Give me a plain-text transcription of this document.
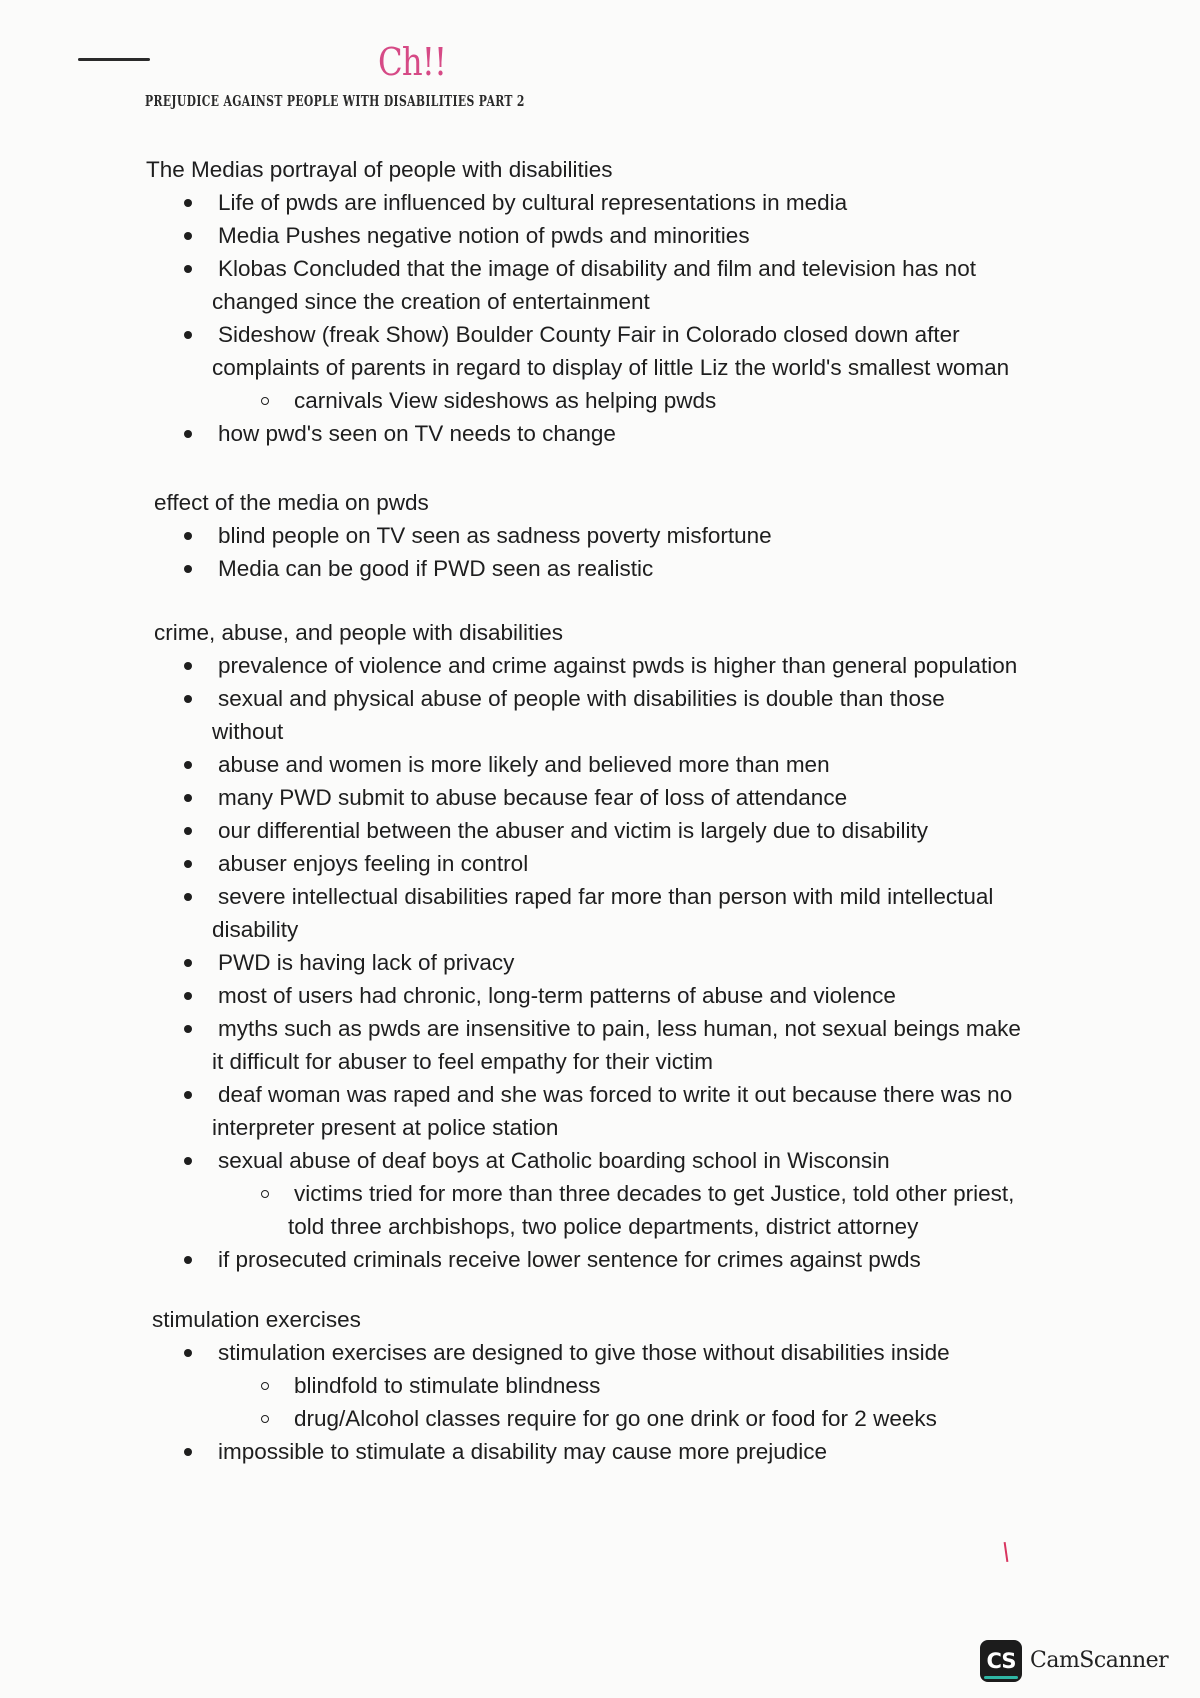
Ch!!
PREJUDICE AGAINST PEOPLE WITH DISABILITIES PART 2
The Medias portrayal of people with disabilities
Life of pwds are influenced by cultural representations in media
Media Pushes negative notion of pwds and minorities
Klobas Concluded that the image of disability and film and television has not
changed since the creation of entertainment
Sideshow (freak Show) Boulder County Fair in Colorado closed down after
complaints of parents in regard to display of little Liz the world's smallest woman
carnivals View sideshows as helping pwds
how pwd's seen on TV needs to change
effect of the media on pwds
blind people on TV seen as sadness poverty misfortune
Media can be good if PWD seen as realistic
crime, abuse, and people with disabilities
prevalence of violence and crime against pwds is higher than general population
sexual and physical abuse of people with disabilities is double than those
without
abuse and women is more likely and believed more than men
many PWD submit to abuse because fear of loss of attendance
our differential between the abuser and victim is largely due to disability
abuser enjoys feeling in control
severe intellectual disabilities raped far more than person with mild intellectual
disability
PWD is having lack of privacy
most of users had chronic, long-term patterns of abuse and violence
myths such as pwds are insensitive to pain, less human, not sexual beings make
it difficult for abuser to feel empathy for their victim
deaf woman was raped and she was forced to write it out because there was no
interpreter present at police station
sexual abuse of deaf boys at Catholic boarding school in Wisconsin
victims tried for more than three decades to get Justice, told other priest,
told three archbishops, two police departments, district attorney
if prosecuted criminals receive lower sentence for crimes against pwds
stimulation exercises
stimulation exercises are designed to give those without disabilities inside
blindfold to stimulate blindness
drug/Alcohol classes require for go one drink or food for 2 weeks
impossible to stimulate a disability may cause more prejudice
CS CamScanner
